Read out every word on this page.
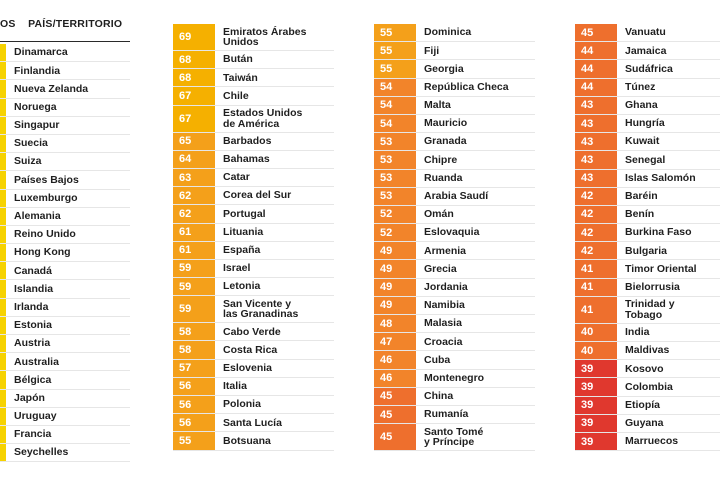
OS PAÍS/TERRITORIO
Dinamarca
Finlandia
Nueva Zelanda
Noruega
Singapur
Suecia
Suiza
Países Bajos
Luxemburgo
Alemania
Reino Unido
Hong Kong
Canadá
Islandia
Irlanda
Estonia
Austria
Australia
Bélgica
Japón
Uruguay
Francia
Seychelles
69	Emiratos Árabes
Unidos
68	Bután
68	Taiwán
67	Chile
67	Estados Unidos
de América
65	Barbados
64	Bahamas
63	Catar
62	Corea del Sur
62	Portugal
61	Lituania
61	España
59	Israel
59	Letonia
59	San Vicente y
las Granadinas
58	Cabo Verde
58	Costa Rica
57	Eslovenia
56	Italia
56	Polonia
56	Santa Lucía
55	Botsuana
55	Dominica
55	Fiji
55	Georgia
54	República Checa
54	Malta
54	Mauricio
53	Granada
53	Chipre
53	Ruanda
53	Arabia Saudí
52	Omán
52	Eslovaquia
49	Armenia
49	Grecia
49	Jordania
49	Namibia
48	Malasia
47	Croacia
46	Cuba
46	Montenegro
45	China
45	Rumanía
45	Santo Tomé
y Príncipe
45	Vanuatu
44	Jamaica
44	Sudáfrica
44	Túnez
43	Ghana
43	Hungría
43	Kuwait
43	Senegal
43	Islas Salomón
42	Baréin
42	Benín
42	Burkina Faso
42	Bulgaria
41	Timor Oriental
41	Bielorrusia
41	Trinidad y
Tobago
40	India
40	Maldivas
39	Kosovo
39	Colombia
39	Etiopía
39	Guyana
39	Marruecos
